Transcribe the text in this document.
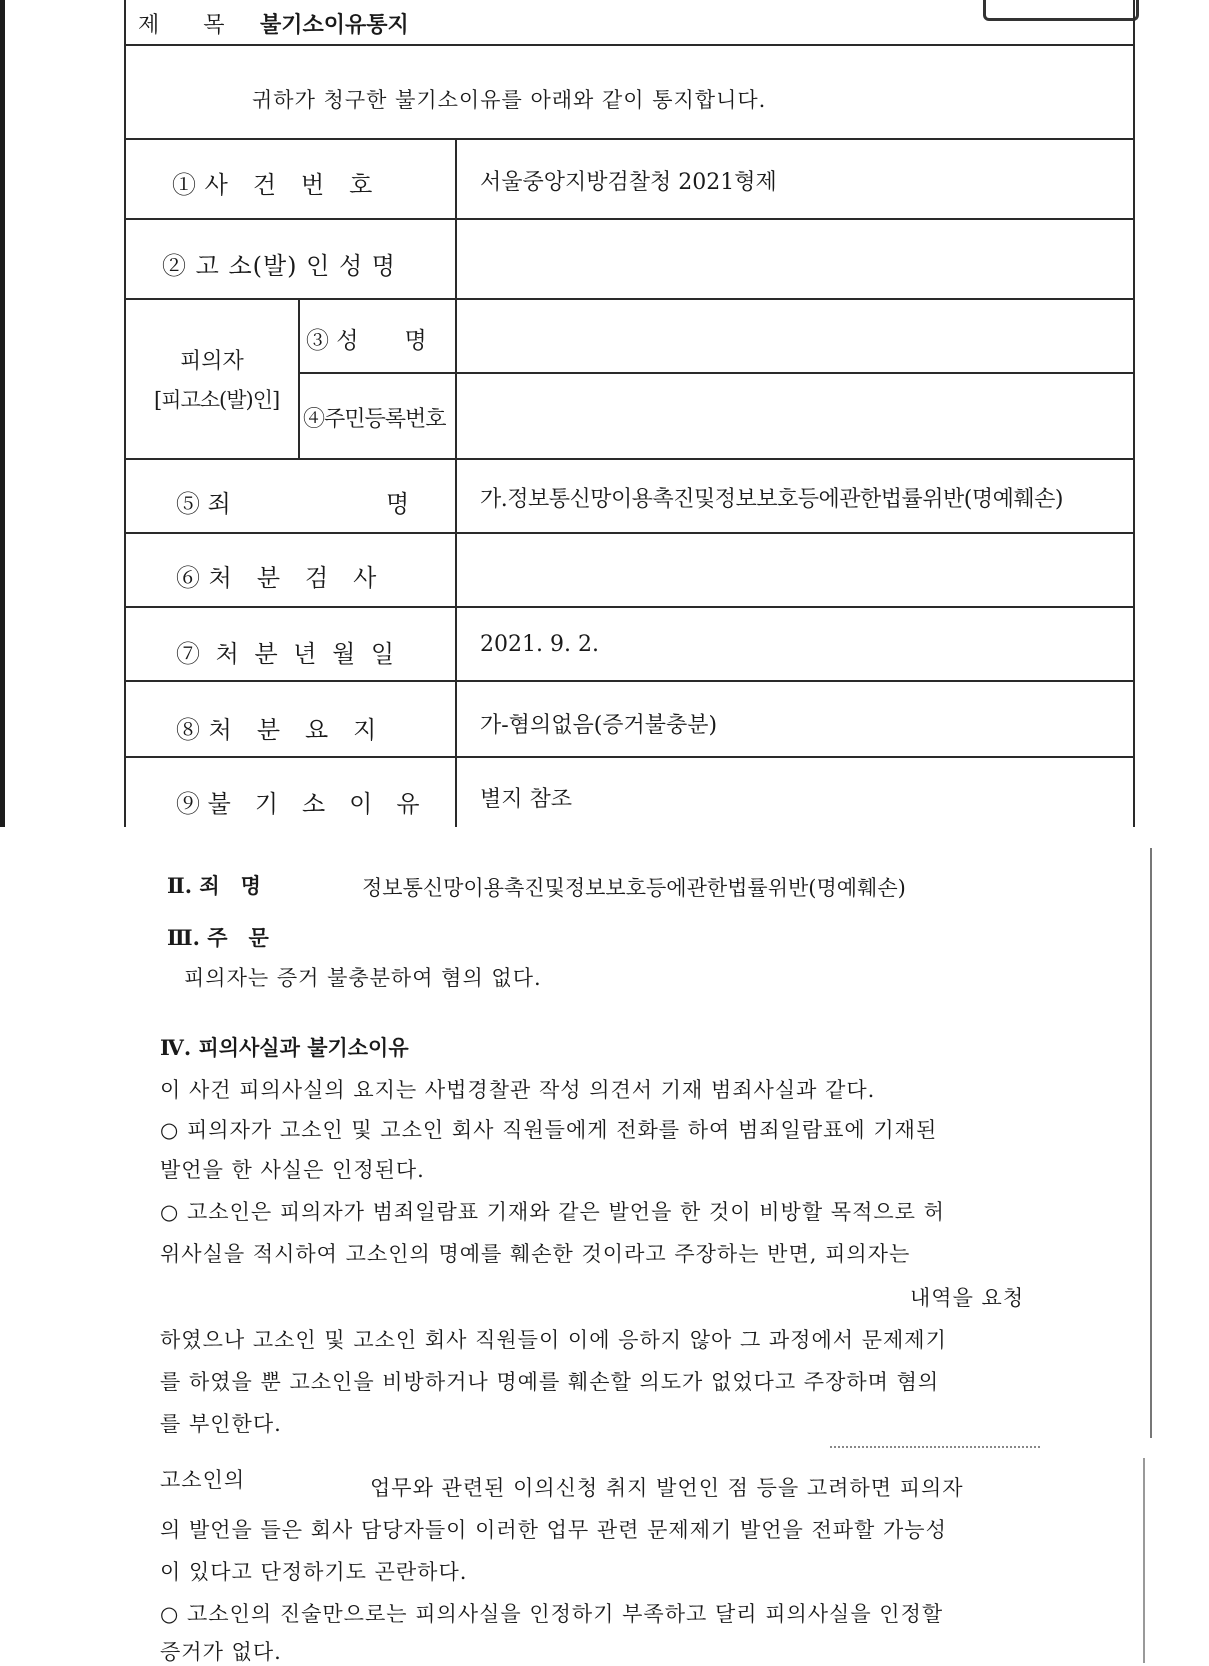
제　　목 불기소이유통지
귀하가 청구한 불기소이유를 아래와 같이 통지합니다.
① 사　건　번　호	서울중앙지방검찰청 2021형제
② 고 소(발) 인 성 명
피의자
[피고소(발)인]
③ 성　　명
④주민등록번호
⑤ 죄	명	가.정보통신망이용촉진및정보보호등에관한법률위반(명예훼손)
⑥ 처　분　검　사
⑦ 처 분 년 월 일	2021. 9. 2.
⑧ 처　분　요　지	가-혐의없음(증거불충분)
⑨ 불　기　소　이　유	별지 참조
Ⅱ. 죄　명	정보통신망이용촉진및정보보호등에관한법률위반(명예훼손)
Ⅲ. 주　문
피의자는 증거 불충분하여 혐의 없다.
Ⅳ. 피의사실과 불기소이유
이 사건 피의사실의 요지는 사법경찰관 작성 의견서 기재 범죄사실과 같다.
○ 피의자가 고소인 및 고소인 회사 직원들에게 전화를 하여 범죄일람표에 기재된
발언을 한 사실은 인정된다.
○ 고소인은 피의자가 범죄일람표 기재와 같은 발언을 한 것이 비방할 목적으로 허
위사실을 적시하여 고소인의 명예를 훼손한 것이라고 주장하는 반면, 피의자는
내역을 요청
하였으나 고소인 및 고소인 회사 직원들이 이에 응하지 않아 그 과정에서 문제제기
를 하였을 뿐 고소인을 비방하거나 명예를 훼손할 의도가 없었다고 주장하며 혐의
를 부인한다.
고소인의	업무와 관련된 이의신청 취지 발언인 점 등을 고려하면 피의자
의 발언을 들은 회사 담당자들이 이러한 업무 관련 문제제기 발언을 전파할 가능성
이 있다고 단정하기도 곤란하다.
○ 고소인의 진술만으로는 피의사실을 인정하기 부족하고 달리 피의사실을 인정할
증거가 없다.
